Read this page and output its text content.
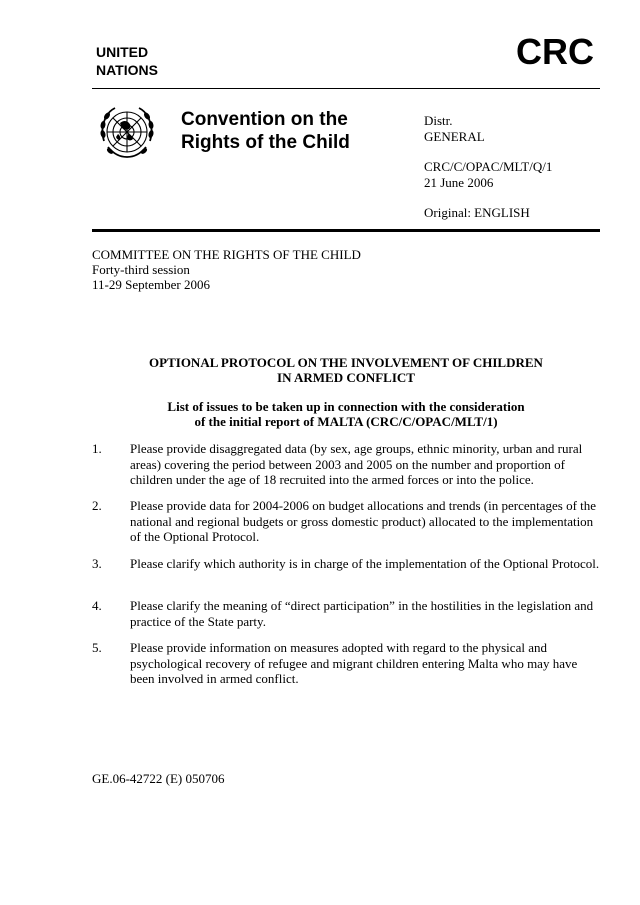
UNITED
NATIONS	CRC
Convention on the
Rights of the Child
Distr.
GENERAL
CRC/C/OPAC/MLT/Q/1
21 June 2006
Original: ENGLISH
COMMITTEE ON THE RIGHTS OF THE CHILD
Forty-third session
11-29 September 2006
OPTIONAL PROTOCOL ON THE INVOLVEMENT OF CHILDREN
IN ARMED CONFLICT
List of issues to be taken up in connection with the consideration
of the initial report of MALTA (CRC/C/OPAC/MLT/1)
1. Please provide disaggregated data (by sex, age groups, ethnic minority, urban and rural areas) covering the period between 2003 and 2005 on the number and proportion of children under the age of 18 recruited into the armed forces or into the police.
2. Please provide data for 2004-2006 on budget allocations and trends (in percentages of the national and regional budgets or gross domestic product) allocated to the implementation of the Optional Protocol.
3. Please clarify which authority is in charge of the implementation of the Optional Protocol.
4. Please clarify the meaning of “direct participation” in the hostilities in the legislation and practice of the State party.
5. Please provide information on measures adopted with regard to the physical and psychological recovery of refugee and migrant children entering Malta who may have been involved in armed conflict.
GE.06-42722 (E) 050706
